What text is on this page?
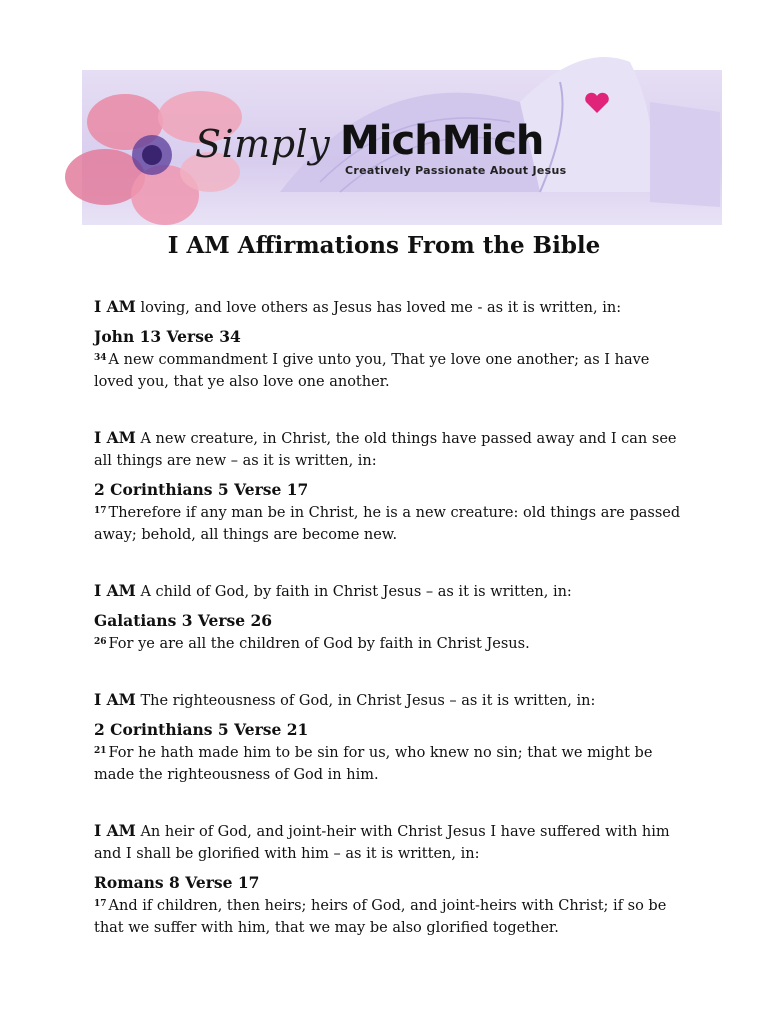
Simply MichMich
Creatively Passionate About Jesus
I AM Affirmations From the Bible

I AM loving, and love others as Jesus has loved me - as it is written, in:

John 13 Verse 34

$^{34}$ A new commandment I give unto you, That ye love one another; as I have loved you, that ye also love one another.

I AM A new creature, in Christ, the old things have passed away and I can see all things are new – as it is written, in:

2 Corinthians 5 Verse 17

$^{17}$ Therefore if any man be in Christ, he is a new creature: old things are passed away; behold, all things are become new.

I AM A child of God, by faith in Christ Jesus – as it is written, in:

Galatians 3 Verse 26

$^{26}$ For ye are all the children of God by faith in Christ Jesus.

I AM The righteousness of God, in Christ Jesus – as it is written, in:

2 Corinthians 5 Verse 21

$^{21}$ For he hath made him to be sin for us, who knew no sin; that we might be made the righteousness of God in him.

I AM An heir of God, and joint-heir with Christ Jesus I have suffered with him and I shall be glorified with him – as it is written, in:

Romans 8 Verse 17

$^{17}$ And if children, then heirs; heirs of God, and joint-heirs with Christ; if so be that we suffer with him, that we may be also glorified together.
